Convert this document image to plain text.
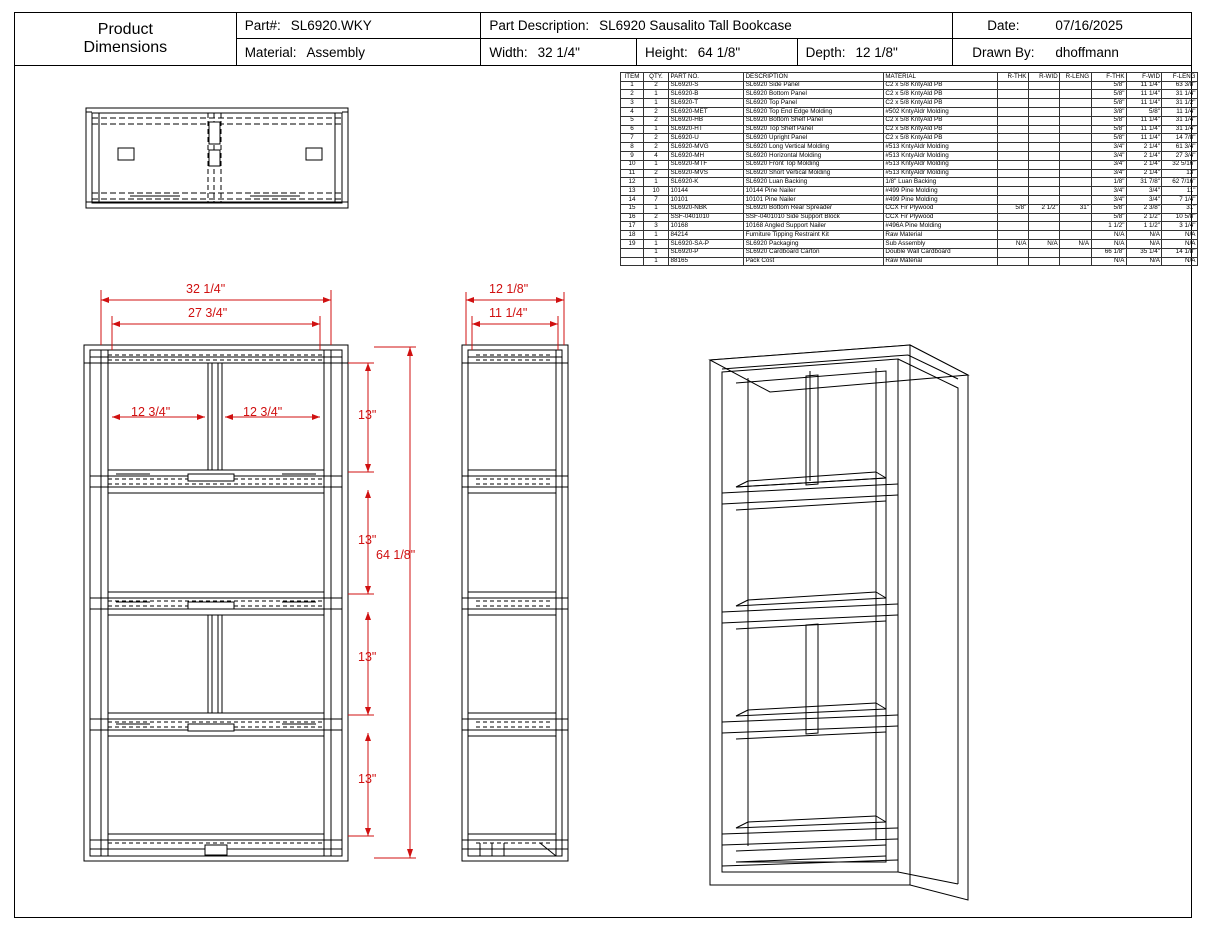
Product
Dimensions
Part#: SL6920.WKY
Material: Assembly
Part Description: SL6920 Sausalito Tall Bookcase
Width: 32 1/4"	Height: 64 1/8"	Depth: 12 1/8"
Date:	07/16/2025
Drawn By:	dhoffmann
ITEM	QTY.	PART NO.	DESCRIPTION	MATERIAL	R-THK	R-WID	R-LENG	F-THK	F-WID	F-LENG
1	2	SL6920-S	SL6920 Side Panel	C2 x 5/8 KntyAld PB				5/8"	11 1/4"	63 3/8"
2	1	SL6920-B	SL6920 Bottom Panel	C2 x 5/8 KntyAld PB				5/8"	11 1/4"	31 1/4"
3	1	SL6920-T	SL6920 Top Panel	C2 x 5/8 KntyAld PB				5/8"	11 1/4"	31 1/2"
4	2	SL6920-MET	SL6920 Top End Edge Molding	#502 KntyAldr Molding				3/8"	5/8"	11 1/4"
5	2	SL6920-HB	SL6920 Bottom Shelf Panel	C2 x 5/8 KntyAld PB				5/8"	11 1/4"	31 1/4"
6	1	SL6920-HT	SL6920 Top Shelf Panel	C2 x 5/8 KntyAld PB				5/8"	11 1/4"	31 1/4"
7	2	SL6920-U	SL6920 Upright Panel	C2 x 5/8 KntyAld PB				5/8"	11 1/4"	14 7/8"
8	2	SL6920-MVG	SL6920 Long Vertical Molding	#513 KntyAldr Molding				3/4"	2 1/4"	61 3/4"
9	4	SL6920-MH	SL6920 Horizontal Molding	#513 KntyAldr Molding				3/4"	2 1/4"	27 3/4"
10	1	SL6920-MTF	SL6920 Front Top Molding	#513 KntyAldr Molding				3/4"	2 1/4"	32 5/16"
11	2	SL6920-MVS	SL6920 Short Vertical Molding	#513 KntyAldr Molding				3/4"	2 1/4"	13"
12	1	SL6920-K	SL6920 Luan Backing	1/8" Luan Backing				1/8"	31 7/8"	62 7/16"
13	10	10144	10144 Pine Nailer	#499 Pine Molding				3/4"	3/4"	11"
14	7	10101	10101 Pine Nailer	#499 Pine Molding				3/4"	3/4"	7 1/4"
15	1	SL6920-NBK	SL6920 Bottom Rear Spreader	CCX Fir Plywood	5/8"	2 1/2"	31"	5/8"	2 3/8"	31"
16	2	SSF-0401010	SSF-0401010 Side Support Block	CCX Fir Plywood				5/8"	2 1/2"	10 5/8"
17	3	10168	10168 Angled Support Nailer	#496A Pine Molding				1 1/2"	1 1/2"	3 1/4"
18	1	84214	Furniture Tipping Restraint Kit	Raw Material				N/A	N/A	N/A
19	1	SL6920-SA-P	SL6920 Packaging	Sub Assembly	N/A	N/A	N/A	N/A	N/A	N/A
	1	SL6920-P	SL6920 Cardboard Carton	Double Wall Cardboard				66 1/8"	35 1/4"	14 1/8"
	1	88165	Pack Cost	Raw Material				N/A	N/A	N/A
32 1/4"
27 3/4"
12 3/4"	12 3/4"	13"
13"
13"
13"
64 1/8"
12 1/8"
11 1/4"
